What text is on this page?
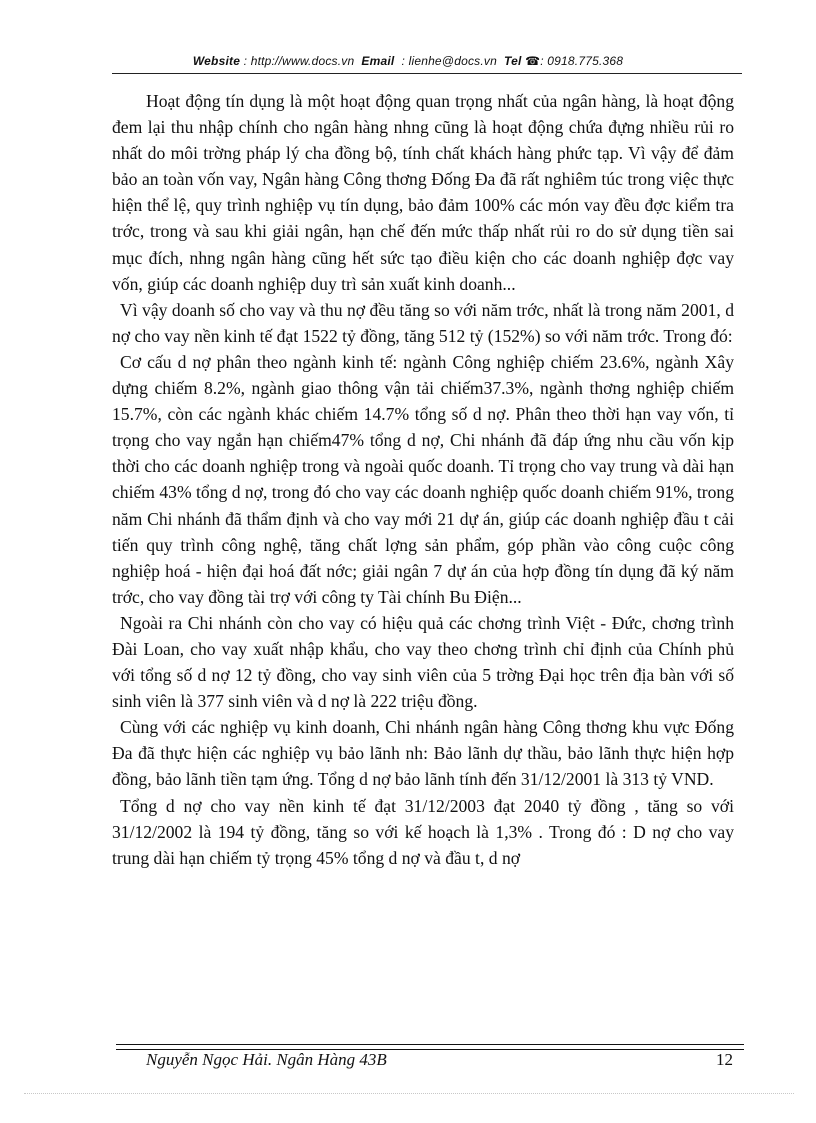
Website : http://www.docs.vn Email : lienhe@docs.vn Tel ☎: 0918.775.368

Hoạt động tín dụng là một hoạt động quan trọng nhất của ngân hàng, là hoạt động đem lại thu nhập chính cho ngân hàng nhng cũng là hoạt động chứa đựng nhiều rủi ro nhất do môi trờng pháp lý cha đồng bộ, tính chất khách hàng phức tạp. Vì vậy để đảm bảo an toàn vốn vay, Ngân hàng Công thơng Đống Đa đã rất nghiêm túc trong việc thực hiện thể lệ, quy trình nghiệp vụ tín dụng, bảo đảm 100% các món vay đều đợc kiểm tra trớc, trong và sau khi giải ngân, hạn chế đến mức thấp nhất rủi ro do sử dụng tiền sai mục đích, nhng ngân hàng cũng hết sức tạo điều kiện cho các doanh nghiệp đợc vay vốn, giúp các doanh nghiệp duy trì sản xuất kinh doanh...

Vì vậy doanh số cho vay và thu nợ đều tăng so với năm trớc, nhất là trong năm 2001, d nợ cho vay nền kinh tế đạt 1522 tỷ đồng, tăng 512 tỷ (152%) so với năm trớc. Trong đó:

Cơ cấu d nợ phân theo ngành kinh tế: ngành Công nghiệp chiếm 23.6%, ngành Xây dựng chiếm 8.2%, ngành giao thông vận tải chiếm37.3%, ngành thơng nghiệp chiếm 15.7%, còn các ngành khác chiếm 14.7% tổng số d nợ. Phân theo thời hạn vay vốn, tỉ trọng cho vay ngắn hạn chiếm47% tổng d nợ, Chi nhánh đã đáp ứng nhu cầu vốn kịp thời cho các doanh nghiệp trong và ngoài quốc doanh. Tỉ trọng cho vay trung và dài hạn chiếm 43% tổng d nợ, trong đó cho vay các doanh nghiệp quốc doanh chiếm 91%, trong năm Chi nhánh đã thẩm định và cho vay mới 21 dự án, giúp các doanh nghiệp đầu t cải tiến quy trình công nghệ, tăng chất lợng sản phẩm, góp phần vào công cuộc công nghiệp hoá - hiện đại hoá đất nớc; giải ngân 7 dự án của hợp đồng tín dụng đã ký năm trớc, cho vay đồng tài trợ với công ty Tài chính Bu Điện...

Ngoài ra Chi nhánh còn cho vay có hiệu quả các chơng trình Việt - Đức, chơng trình Đài Loan, cho vay xuất nhập khẩu, cho vay theo chơng trình chỉ định của Chính phủ với tổng số d nợ 12 tỷ đồng, cho vay sinh viên của 5 trờng Đại học trên địa bàn với số sinh viên là 377 sinh viên và d nợ là 222 triệu đồng.

Cùng với các nghiệp vụ kinh doanh, Chi nhánh ngân hàng Công thơng khu vực Đống Đa đã thực hiện các nghiệp vụ bảo lãnh nh: Bảo lãnh dự thầu, bảo lãnh thực hiện hợp đồng, bảo lãnh tiền tạm ứng. Tổng d nợ bảo lãnh tính đến 31/12/2001 là 313 tỷ VND.

Tổng d nợ cho vay nền kinh tế đạt 31/12/2003 đạt 2040 tỷ đồng , tăng so với 31/12/2002 là 194 tỷ đồng, tăng so với kế hoạch là 1,3% . Trong đó : D nợ cho vay trung dài hạn chiếm tỷ trọng 45% tổng d nợ và đầu t, d nợ

Nguyễn Ngọc Hải. Ngân Hàng 43B	12
